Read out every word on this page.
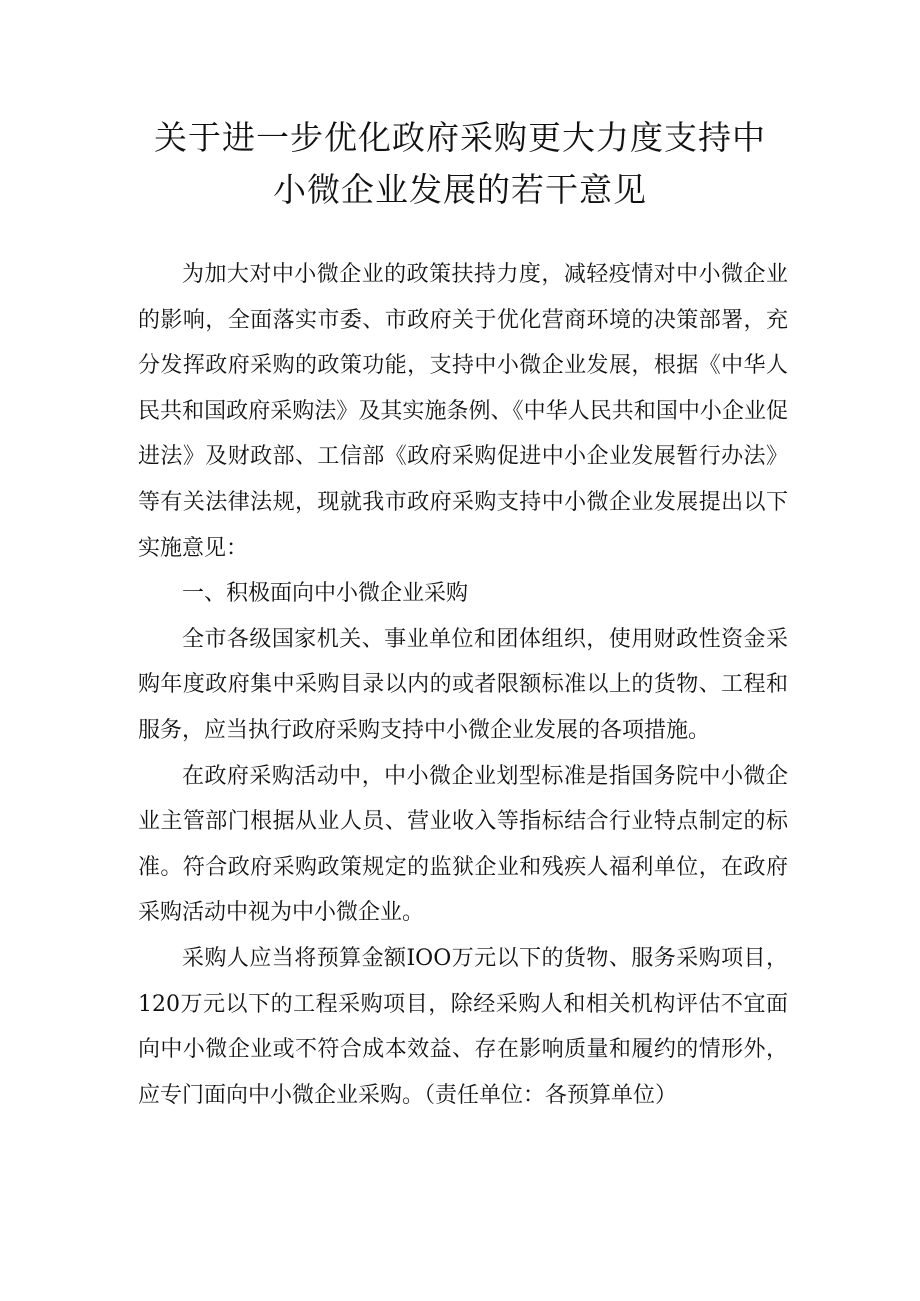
关于进一步优化政府采购更大力度支持中
小微企业发展的若干意见

为加大对中小微企业的政策扶持力度，减轻疫情对中小微企业的影响，全面落实市委、市政府关于优化营商环境的决策部署，充分发挥政府采购的政策功能，支持中小微企业发展，根据《中华人民共和国政府采购法》及其实施条例、《中华人民共和国中小企业促进法》及财政部、工信部《政府采购促进中小企业发展暂行办法》等有关法律法规，现就我市政府采购支持中小微企业发展提出以下实施意见：

一、积极面向中小微企业采购

全市各级国家机关、事业单位和团体组织，使用财政性资金采购年度政府集中采购目录以内的或者限额标准以上的货物、工程和服务，应当执行政府采购支持中小微企业发展的各项措施。

在政府采购活动中，中小微企业划型标准是指国务院中小微企业主管部门根据从业人员、营业收入等指标结合行业特点制定的标准。符合政府采购政策规定的监狱企业和残疾人福利单位，在政府采购活动中视为中小微企业。

采购人应当将预算金额IOO万元以下的货物、服务采购项目，120万元以下的工程采购项目，除经采购人和相关机构评估不宜面向中小微企业或不符合成本效益、存在影响质量和履约的情形外，应专门面向中小微企业采购。（责任单位：各预算单位）
